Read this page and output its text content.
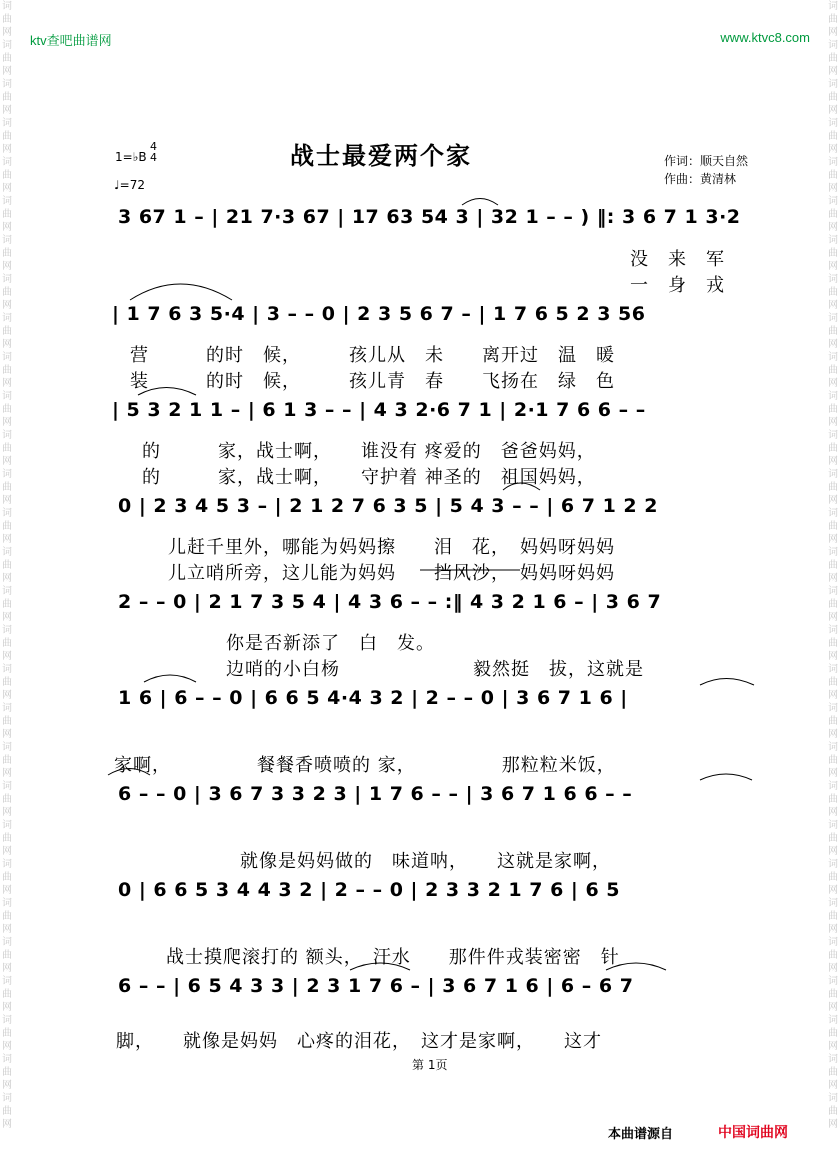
词曲网词曲网词曲网词曲网词曲网词曲网词曲网词曲网词曲网词曲网词曲网词曲网词曲网词曲网词曲网词曲网词曲网词曲网词曲网词曲网词曲网词曲网词曲网词曲网词曲网词曲网词曲网词曲网词曲网
词曲网词曲网词曲网词曲网词曲网词曲网词曲网词曲网词曲网词曲网词曲网词曲网词曲网词曲网词曲网词曲网词曲网词曲网词曲网词曲网词曲网词曲网词曲网词曲网词曲网词曲网词曲网词曲网词曲网
ktv查吧曲谱网	www.ktvc8.com
1=♭B
4
4
♩=72
战士最爱两个家	作词：顺天自然
作曲：黄清林
3 67 1 – | 21 7·3 67 | 17 63 54 3 | 32 1 – – ) ‖: 3 6 7 1 3·2
没　来　军
一　身　戎
| 1 7 6 3 5·4 | 3 – – 0 | 2 3 5 6 7 – | 1 7 6 5 2 3 56
营　　　的时　候，　　　孩儿从　未　　离开过　温　暖
装　　　的时　候，　　　孩儿青　春　　飞扬在　绿　色
| 5 3 2 1 1 – | 6 1 3 – – | 4 3 2·6 7 1 | 2·1 7 6 6 – –
的　　　家，战士啊，　　谁没有 疼爱的　爸爸妈妈，
的　　　家，战士啊，　　守护着 神圣的　祖国妈妈，
0 | 2 3 4 5 3 – | 2 1 2 7 6 3 5 | 5 4 3 – – | 6 7 1 2 2
儿赶千里外，哪能为妈妈擦　　泪　花，　妈妈呀妈妈
儿立哨所旁，这儿能为妈妈　　挡风沙，　妈妈呀妈妈
2 – – 0 | 2 1 7 3 5 4 | 4 3 6 – – :‖ 4 3 2 1 6 – | 3 6 7
你是否新添了　白　发。
边哨的小白杨　　　　　　　毅然挺　拔，这就是
1 6 | 6 – – 0 | 6 6 5 4·4 3 2 | 2 – – 0 | 3 6 7 1 6 |
家啊，　　　　　餐餐香喷喷的 家，　　　　　那粒粒米饭，
6 – – 0 | 3 6 7 3 3 2 3 | 1 7 6 – – | 3 6 7 1 6 6 – –
就像是妈妈做的　味道呐，　　这就是家啊，
0 | 6 6 5 3 4 4 3 2 | 2 – – 0 | 2 3 3 2 1 7 6 | 6 5
战士摸爬滚打的 额头，　汗水　　那件件戎装密密　针
6 – – | 6 5 4 3 3 | 2 3 1 7 6 – | 3 6 7 1 6 | 6 – 6 7
脚，　　就像是妈妈　心疼的泪花，　这才是家啊，　　这才
第 1页
本曲谱源自	中国词曲网
